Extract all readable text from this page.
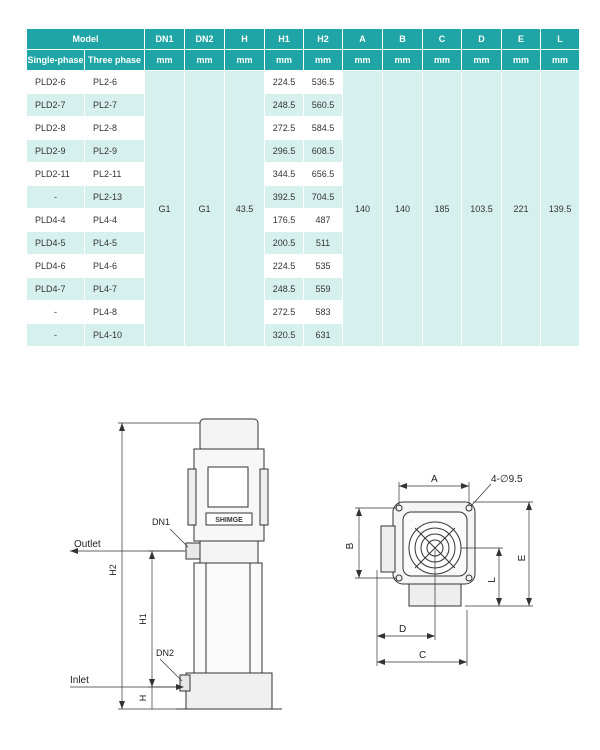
Model		DN1	DN2	H	H1	H2	A	B	C	D	E	L
Single-phase	Three phase	mm	mm	mm	mm	mm	mm	mm	mm	mm	mm	mm
PLD2-6	PL2-6	G1	G1	43.5	224.5	536.5	140	140	185	103.5	221	139.5
PLD2-7	PL2-7				248.5	560.5						
PLD2-8	PL2-8				272.5	584.5						
PLD2-9	PL2-9				296.5	608.5						
PLD2-11	PL2-11				344.5	656.5						
-	PL2-13				392.5	704.5						
PLD4-4	PL4-4				176.5	487						
PLD4-5	PL4-5				200.5	511						
PLD4-6	PL4-6				224.5	535						
PLD4-7	PL4-7				248.5	559						
-	PL4-8				272.5	583						
-	PL4-10				320.5	631						
SHIMGE
Outlet
Inlet
DN1
DN2
H2
H1
H
A	4-∅9.5
B
E
L
D
C
